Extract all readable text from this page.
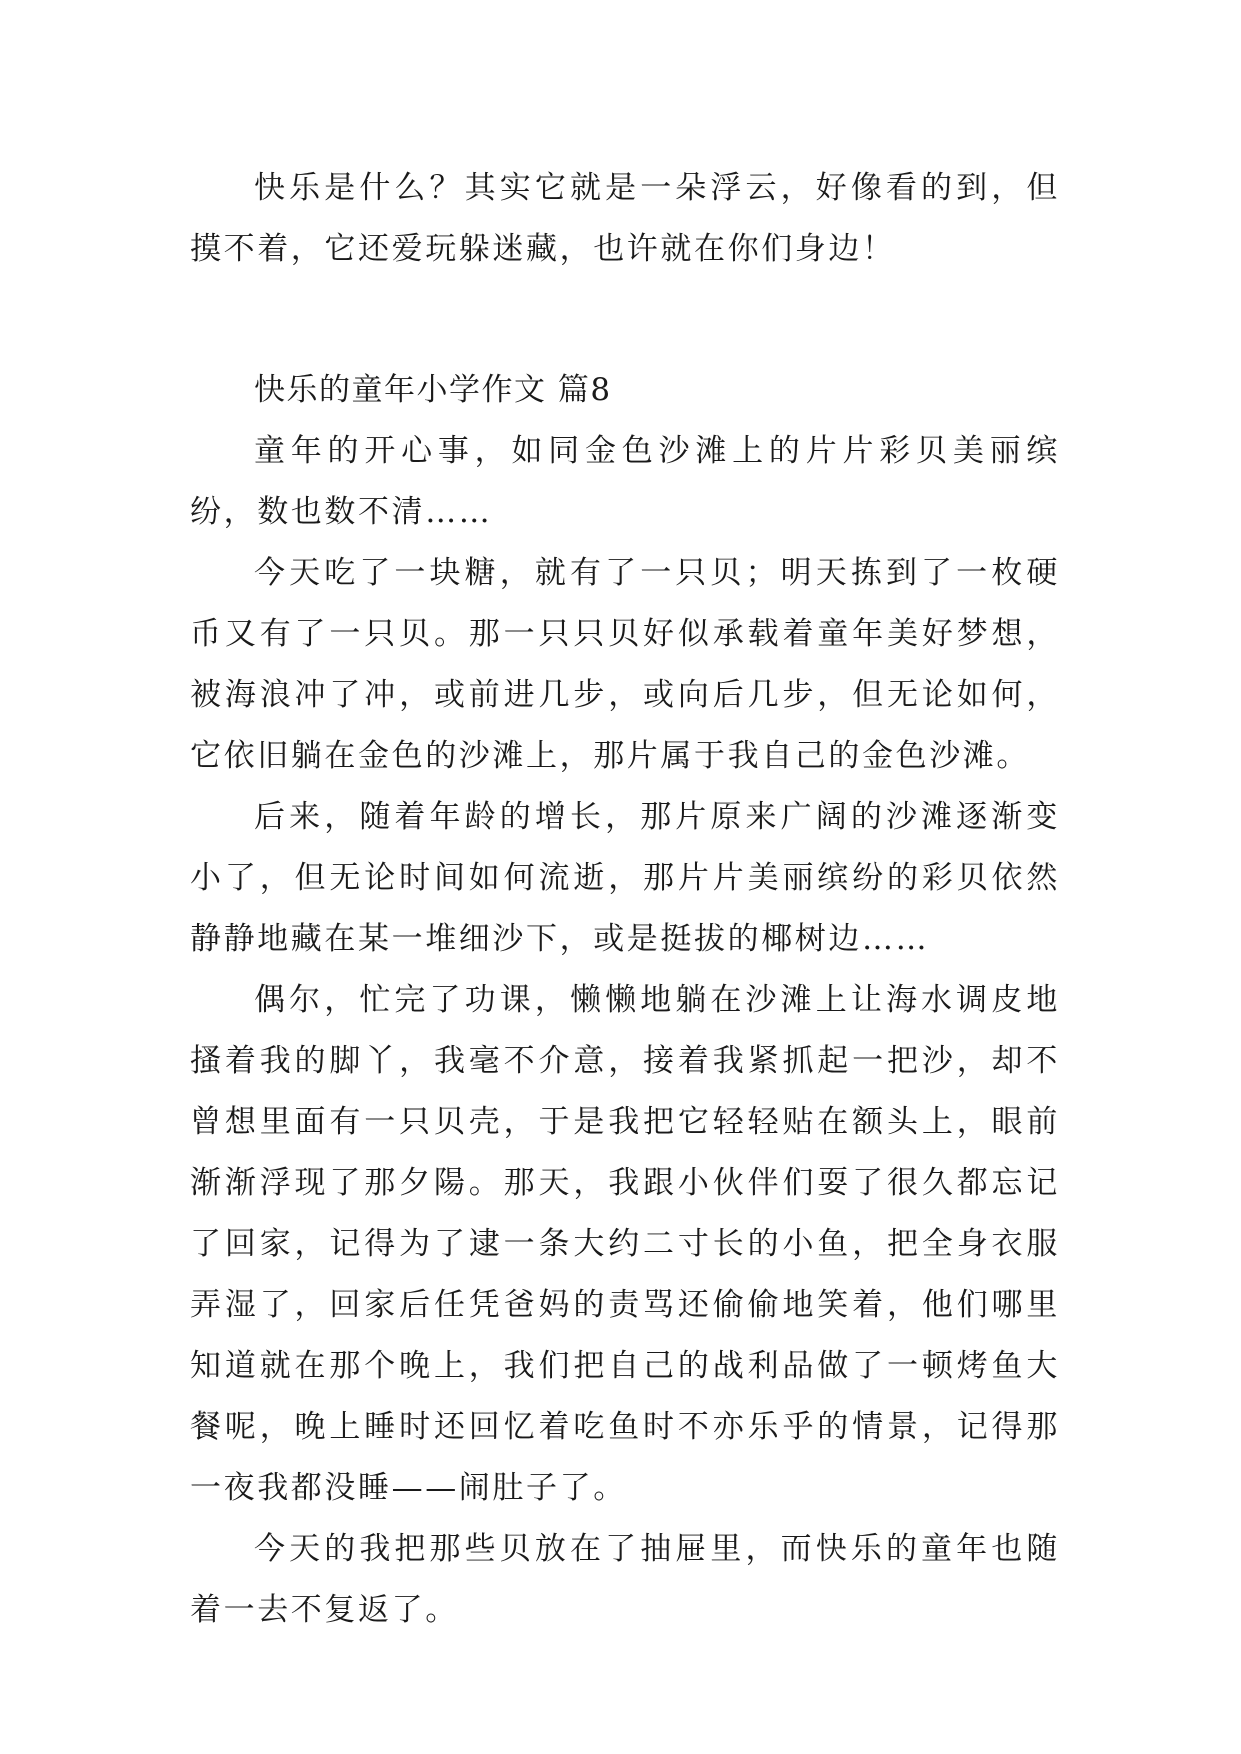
快乐是什么？其实它就是一朵浮云，好像看的到，但摸不着，它还爱玩躲迷藏，也许就在你们身边！

快乐的童年小学作文 篇8

童年的开心事，如同金色沙滩上的片片彩贝美丽缤纷，数也数不清……

今天吃了一块糖，就有了一只贝；明天拣到了一枚硬币又有了一只贝。那一只只贝好似承载着童年美好梦想，被海浪冲了冲，或前进几步，或向后几步，但无论如何，它依旧躺在金色的沙滩上，那片属于我自己的金色沙滩。

后来，随着年龄的增长，那片原来广阔的沙滩逐渐变小了，但无论时间如何流逝，那片片美丽缤纷的彩贝依然静静地藏在某一堆细沙下，或是挺拔的椰树边……

偶尔，忙完了功课，懒懒地躺在沙滩上让海水调皮地搔着我的脚丫，我毫不介意，接着我紧抓起一把沙，却不曾想里面有一只贝壳，于是我把它轻轻贴在额头上，眼前渐渐浮现了那夕陽。那天，我跟小伙伴们耍了很久都忘记了回家，记得为了逮一条大约二寸长的小鱼，把全身衣服弄湿了，回家后任凭爸妈的责骂还偷偷地笑着，他们哪里知道就在那个晚上，我们把自己的战利品做了一顿烤鱼大餐呢，晚上睡时还回忆着吃鱼时不亦乐乎的情景，记得那一夜我都没睡——闹肚子了。

今天的我把那些贝放在了抽屉里，而快乐的童年也随着一去不复返了。
